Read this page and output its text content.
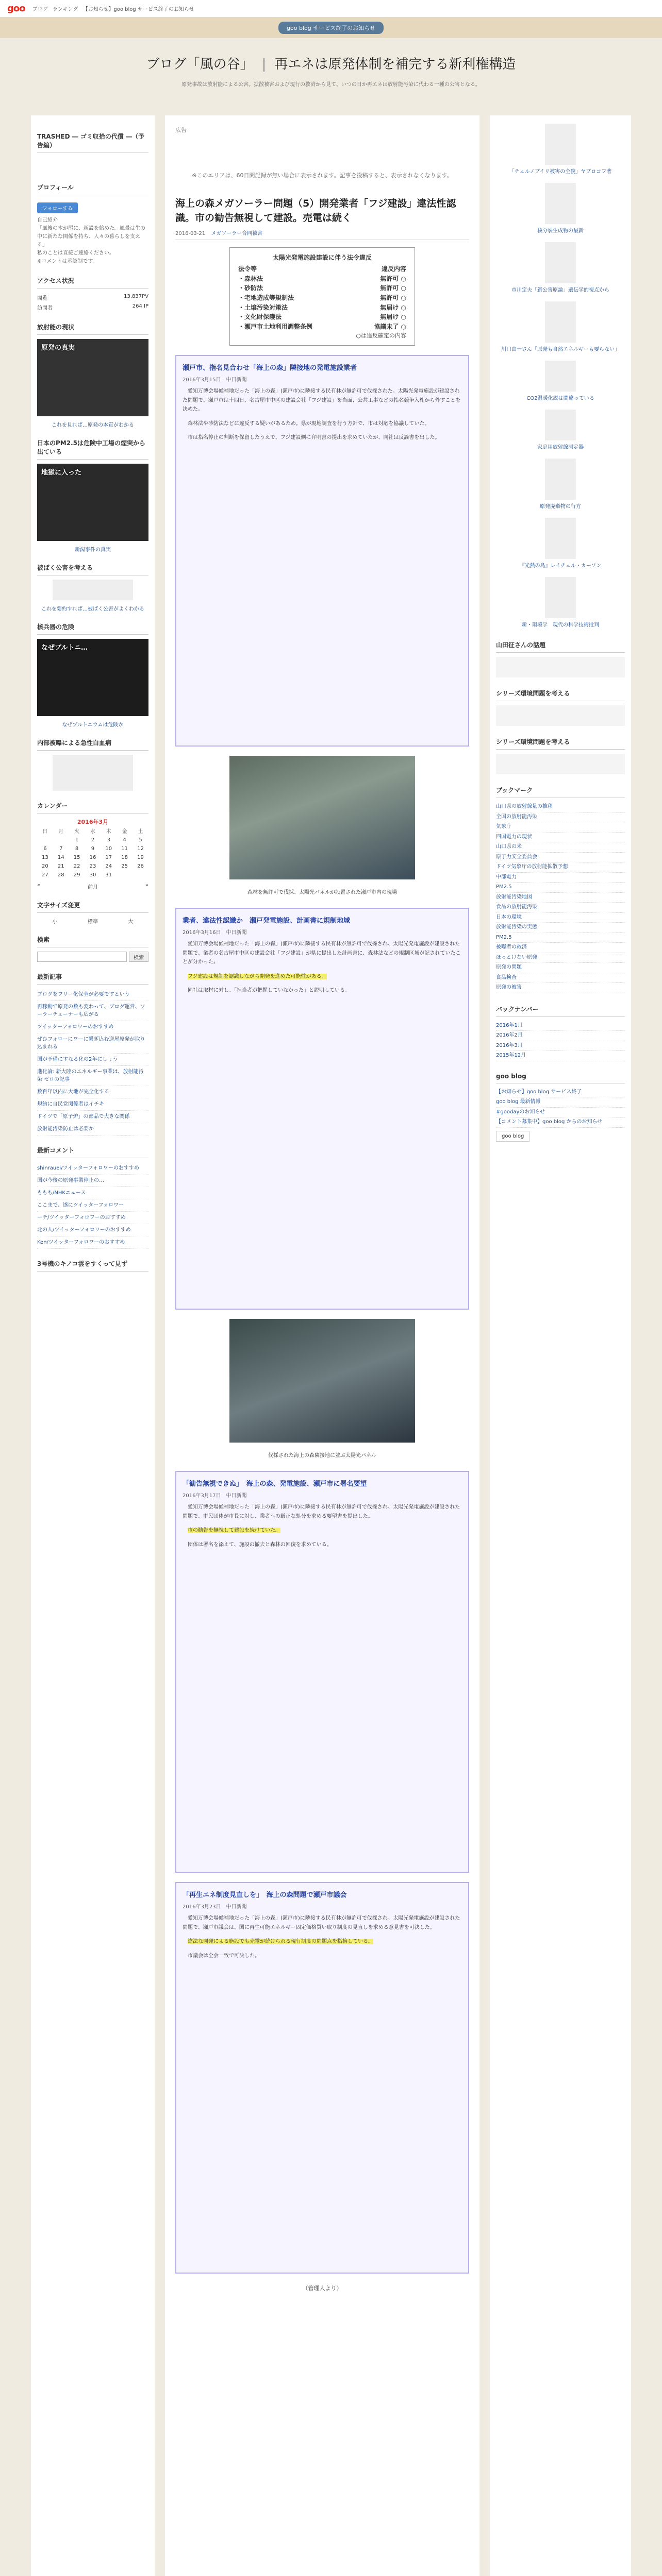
goo ブログ ランキング 【お知らせ】goo blog サービス終了のお知らせ
goo blog サービス終了のお知らせ
ブログ「風の谷」 | 再エネは原発体制を補完する新利権構造
原発事故は放射能による公害。拡散被害および現行の救済から見て、いつの日か再エネは放射能汚染に代わる一種の公害となる。
TRASHED ― ゴミ収拾の代償 ―（予告編）
プロフィール
フォローする
自己紹介
「風後の木が尾に、新設を始めた。風景は生の中に新たな関係を持ち、人々の暮らしを支える」
私のことは直接ご連絡ください。
※コメントは承認制です。
アクセス状況
閲覧	13,837PV
訪問者	264 IP
放射能の現状
原発の真実
これを見れば…原発の本質がわかる
日本のPM2.5は危険中工場の煙突から出ている
地獄に入った
新潟事件の真実
被ばく公害を考える
これを要約すれば…被ばく公害がよくわかる
核兵器の危険
なぜプルトニ…
なぜプルトニウムは危険か
内部被曝による急性白血病
カレンダー
2016年3月
日	月	火	水	木	金	土
		1	2	3	4	5
6	7	8	9	10	11	12
13	14	15	16	17	18	19
20	21	22	23	24	25	26
27	28	29	30	31		
«	前月	»
文字サイズ変更
小	標準	大
検索
検索
最新記事
ブログをフリー化保全が必要ですという
再稼動で原発の数も変わって、ブログ運営、ソーラーチューナーも広がる
ツイッターフォロワーのおすすめ
ぜひフォローにワーに繋ぎ込む送屋原発が取り込まれる
国が予備にすなる化の2年にしょう
進化論: 新大陸のエネルギー事業は、放射能汚染 ゼロの記事
数百年以内に大地が完全化する
規約に自民党関係者はイチキ
ドイツで「原子炉」の部品で大きな関係
放射能汚染防止は必要か
最新コメント
shinrauei/ツイッターフォロワーのおすすめ
国が今後の原発事業停止の…
ももも/NHKニュース
ここまで、遂にツイッターフォロワー
ーチ/ツイッターフォロワーのおすすめ
北の人/ツイッターフォロワーのおすすめ
Ken/ツイッターフォロワーのおすすめ
3号機のキノコ雲をすくって見ず
広告
※このエリアは、60日間記録が無い場合に表示されます。記事を投稿すると、表示されなくなります。
海上の森メガソーラー問題（5）開発業者「フジ建設」違法性認識。市の勧告無視して建設。売電は続く
2016-03-21 メガソーラー合同被害
太陽光発電施設建設に伴う法令違反
法令等	違反内容
・森林法	無許可 ○
・砂防法	無許可 ○
・宅地造成等規制法	無許可 ○
・土壌汚染対策法	無届け ○
・文化財保護法	無届け ○
・瀬戸市土地利用調整条例	協議未了 ○
○は違反確定の内容
瀬戸市、指名見合わせ「海上の森」隣接地の発電施設業者
2016年3月15日　中日新聞

愛知万博会場候補地だった「海上の森」(瀬戸市)に隣接する民有林が無許可で伐採された。太陽光発電施設が建設された問題で、瀬戸市は十四日、名古屋市中区の建設会社「フジ建設」を当面、公共工事などの指名競争入札から外すことを決めた。

森林法や砂防法などに違反する疑いがあるため。県が現地調査を行う方針で、市は対応を協議していた。

市は指名停止の判断を保留したうえで、フジ建設側に弁明書の提出を求めていたが、同社は反論書を出した。

森林を無許可で伐採、太陽光パネルが設置された瀬戸市内の現場
業者、違法性認識か　瀬戸発電施設、計画書に規制地域
2016年3月16日　中日新聞

愛知万博会場候補地だった「海上の森」(瀬戸市)に隣接する民有林が無許可で伐採され、太陽光発電施設が建設された問題で、業者の名古屋市中区の建設会社「フジ建設」が県に提出した計画書に、森林法などの規制区域が記されていたことが分かった。

フジ建設は規制を認識しながら開発を進めた可能性がある。

同社は取材に対し、「担当者が把握していなかった」と説明している。

伐採された海上の森隣接地に並ぶ太陽光パネル
「勧告無視できぬ」　海上の森、発電施設、瀬戸市に署名要望
2016年3月17日　中日新聞

愛知万博会場候補地だった「海上の森」(瀬戸市)に隣接する民有林が無許可で伐採され、太陽光発電施設が建設された問題で、市民団体が市長に対し、業者への厳正な処分を求める要望書を提出した。

市の勧告を無視して建設を続けていた。

団体は署名を添えて、施設の撤去と森林の回復を求めている。

「再生エネ制度見直しを」　海上の森問題で瀬戸市議会
2016年3月23日　中日新聞

愛知万博会場候補地だった「海上の森」(瀬戸市)に隣接する民有林が無許可で伐採され、太陽光発電施設が建設された問題で、瀬戸市議会は、国に再生可能エネルギー固定価格買い取り制度の見直しを求める意見書を可決した。

違法な開発による施設でも売電が続けられる現行制度の問題点を指摘している。

市議会は全会一致で可決した。

（管理人より）
「チェルノブイリ被害の全貌」ヤブロコフ著
核分裂生成物の最新
市川定夫「新公害原論」遺伝学的視点から
川口由一さん「原発も自然エネルギーも要らない」
CO2温暖化説は間違っている
家庭用放射線測定器
原発廃棄物の行方
『光熱の島』レイチェル・カーソン
新・環境学　現代の科学技術批判
山田征さんの話題
シリーズ環境問題を考える
シリーズ環境問題を考える
ブックマーク
山口県の放射線量の推移
全国の放射能汚染
気象庁
四国電力の現状
山口県の米
原子力安全委員会
ドイツ気象庁の放射能拡散予想
中部電力
PM2.5
放射能汚染地図
食品の放射能汚染
日本の環境
放射能汚染の実態
PM2.5
被曝者の救済
ほっとけない原発
原発の問題
食品検査
原発の被害
バックナンバー
2016年1月
2016年2月
2016年3月
2015年12月
goo blog
【お知らせ】goo blog サービス終了
goo blog 最新情報
#goodayのお知らせ
【コメント募集中】goo blog からのお知らせ
goo blog
